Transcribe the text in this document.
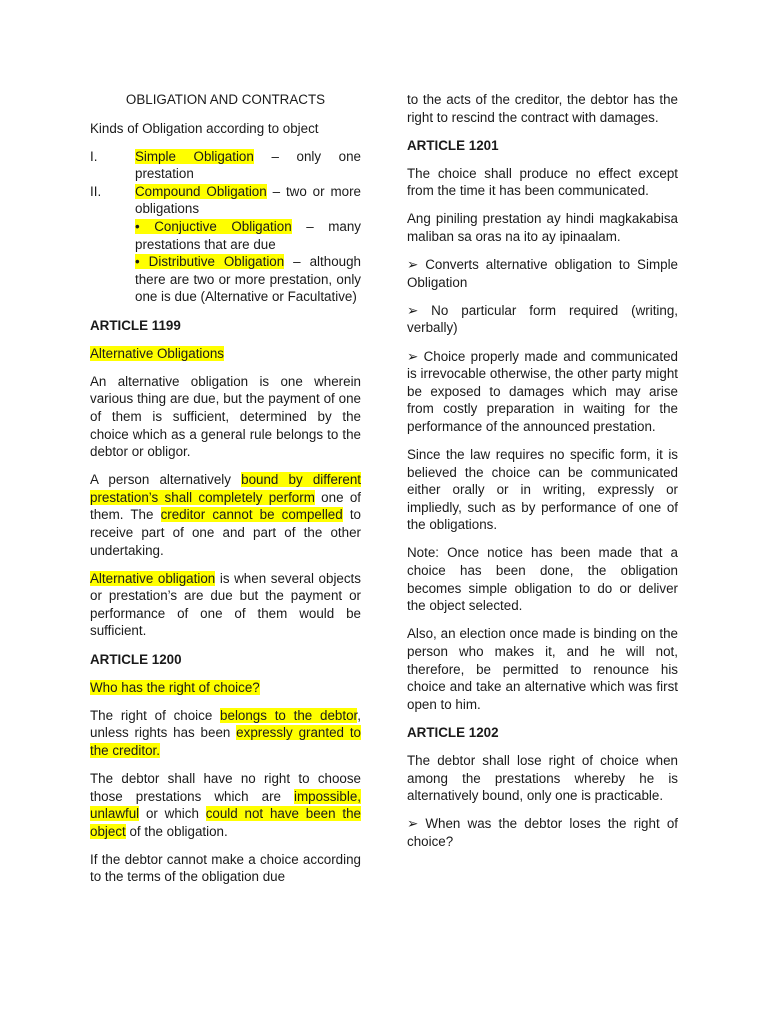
OBLIGATION AND CONTRACTS

Kinds of Obligation according to object

I.	Simple Obligation – only one prestation
II.	Compound Obligation – two or more obligations
• Conjuctive Obligation – many prestations that are due
• Distributive Obligation – although there are two or more prestation, only one is due (Alternative or Facultative)

ARTICLE 1199

Alternative Obligations

An alternative obligation is one wherein various thing are due, but the payment of one of them is sufficient, determined by the choice which as a general rule belongs to the debtor or obligor.

A person alternatively bound by different prestation’s shall completely perform one of them. The creditor cannot be compelled to receive part of one and part of the other undertaking.

Alternative obligation is when several objects or prestation’s are due but the payment or performance of one of them would be sufficient.

ARTICLE 1200

Who has the right of choice?

The right of choice belongs to the debtor, unless rights has been expressly granted to the creditor.

The debtor shall have no right to choose those prestations which are impossible, unlawful or which could not have been the object of the obligation.

If the debtor cannot make a choice according to the terms of the obligation due

to the acts of the creditor, the debtor has the right to rescind the contract with damages.

ARTICLE 1201

The choice shall produce no effect except from the time it has been communicated.

Ang piniling prestation ay hindi magkakabisa maliban sa oras na ito ay ipinaalam.

➢ Converts alternative obligation to Simple Obligation

➢ No particular form required (writing, verbally)

➢ Choice properly made and communicated is irrevocable otherwise, the other party might be exposed to damages which may arise from costly preparation in waiting for the performance of the announced prestation.

Since the law requires no specific form, it is believed the choice can be communicated either orally or in writing, expressly or impliedly, such as by performance of one of the obligations.

Note: Once notice has been made that a choice has been done, the obligation becomes simple obligation to do or deliver the object selected.

Also, an election once made is binding on the person who makes it, and he will not, therefore, be permitted to renounce his choice and take an alternative which was first open to him.

ARTICLE 1202

The debtor shall lose right of choice when among the prestations whereby he is alternatively bound, only one is practicable.

➢ When was the debtor loses the right of choice?
